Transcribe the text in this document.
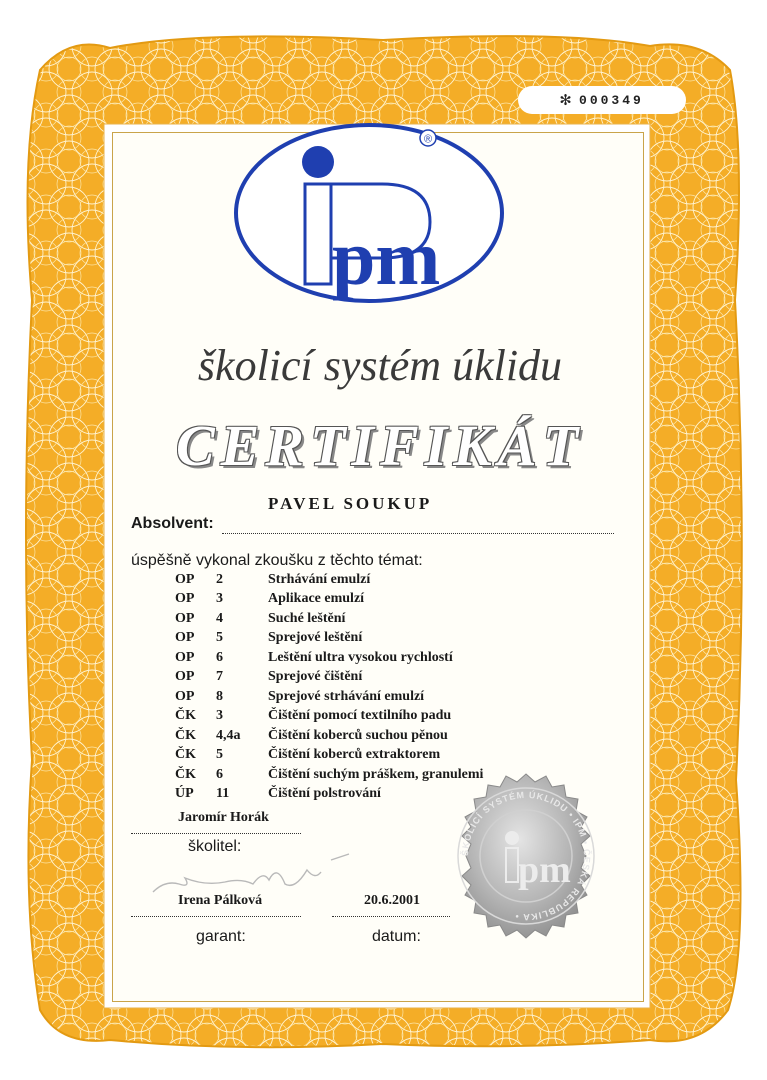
✻ 000349
pm
®
školicí systém úklidu
CERTIFIKÁT
PAVEL SOUKUP
Absolvent:
úspěšně vykonal zkoušku z těchto témat:
OP	2	Strhávání emulzí
OP	3	Aplikace emulzí
OP	4	Suché leštění
OP	5	Sprejové leštění
OP	6	Leštění ultra vysokou rychlostí
OP	7	Sprejové čištění
OP	8	Sprejové strhávání emulzí
ČK	3	Čištění pomocí textilního padu
ČK	4,4a	Čištění koberců suchou pěnou
ČK	5	Čištění koberců extraktorem
ČK	6	Čištění suchým práškem, granulemi
ÚP	11	Čištění polstrování
Jaromír Horák
školitel:
Irena Pálková
garant:
20.6.2001
datum:
ŠKOLICÍ SYSTÉM ÚKLIDU • IPM • ČESKÁ REPUBLIKA •
pm
